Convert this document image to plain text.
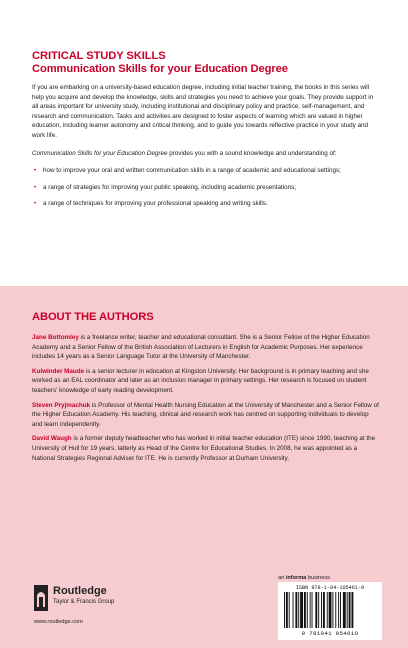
CRITICAL STUDY SKILLS
Communication Skills for your Education Degree

If you are embarking on a university-based education degree, including initial teacher training, the books in this series will help you acquire and develop the knowledge, skills and strategies you need to achieve your goals. They provide support in all areas important for university study, including institutional and disciplinary policy and practice, self-management, and research and communication. Tasks and activities are designed to foster aspects of learning which are valued in higher education, including learner autonomy and critical thinking, and to guide you towards reflective practice in your study and work life.

Communication Skills for your Education Degree provides you with a sound knowledge and understanding of:

• how to improve your oral and written communication skills in a range of academic and educational settings;
• a range of strategies for improving your public speaking, including academic presentations;
• a range of techniques for improving your professional speaking and writing skills.
ABOUT THE AUTHORS

Jane Bottomley is a freelance writer, teacher and educational consultant. She is a Senior Fellow of the Higher Education Academy and a Senior Fellow of the British Association of Lecturers in English for Academic Purposes. Her experience includes 14 years as a Senior Language Tutor at the University of Manchester.

Kulwinder Maude is a senior lecturer in education at Kingston University. Her background is in primary teaching and she worked as an EAL coordinator and later as an inclusion manager in primary settings. Her research is focused on student teachers’ knowledge of early reading development.

Steven Pryjmachuk is Professor of Mental Health Nursing Education at the University of Manchester and a Senior Fellow of the Higher Education Academy. His teaching, clinical and research work has centred on supporting individuals to develop and learn independently.

David Waugh is a former deputy headteacher who has worked in initial teacher education (ITE) since 1990, teaching at the University of Hull for 19 years, latterly as Head of the Centre for Educational Studies. In 2008, he was appointed as a National Strategies Regional Adviser for ITE. He is currently Professor at Durham University.

Routledge
Taylor & Francis Group
www.routledge.com
an informa business
ISBN 978-1-04-105461-0
9 781041 054610
